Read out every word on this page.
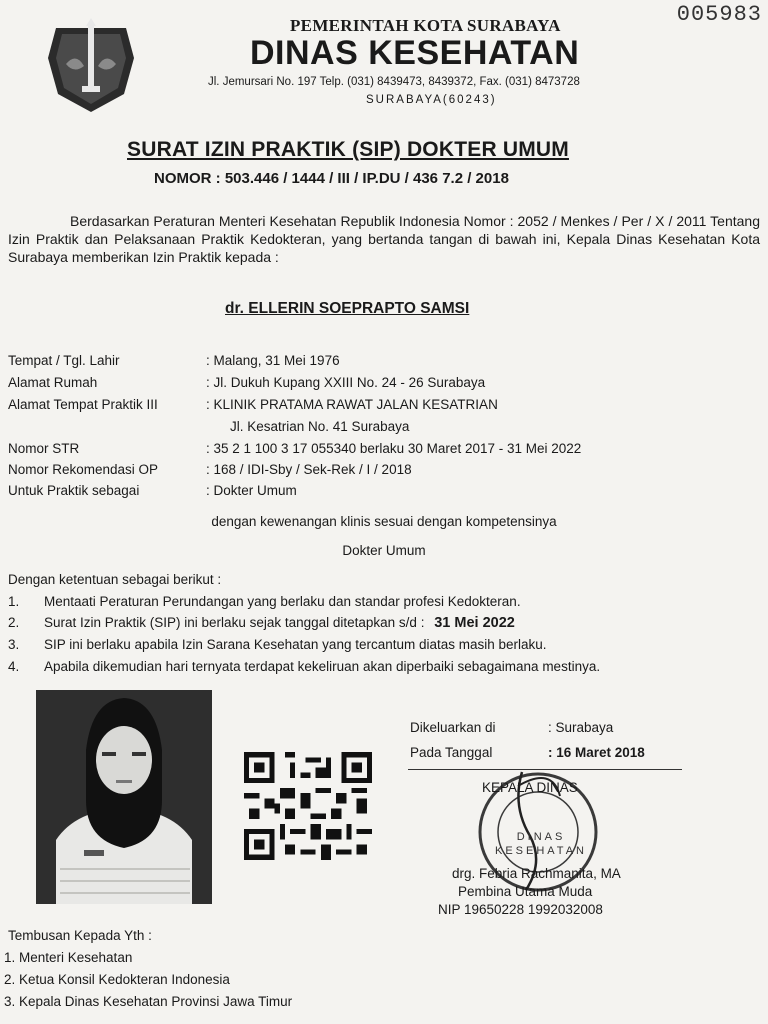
005983
PEMERINTAH KOTA SURABAYA
DINAS KESEHATAN
Jl. Jemursari No. 197 Telp. (031) 8439473, 8439372, Fax. (031) 8473728
SURABAYA(60243)
SURAT IZIN PRAKTIK (SIP) DOKTER UMUM
NOMOR : 503.446 / 1444 / III / IP.DU / 436 7.2 / 2018
Berdasarkan Peraturan Menteri Kesehatan Republik Indonesia Nomor : 2052 / Menkes / Per / X / 2011 Tentang Izin Praktik dan Pelaksanaan Praktik Kedokteran, yang bertanda tangan di bawah ini, Kepala Dinas Kesehatan Kota Surabaya memberikan Izin Praktik kepada :
dr. ELLERIN SOEPRAPTO SAMSI
Tempat / Tgl. Lahir	: Malang, 31 Mei 1976
Alamat Rumah	: Jl. Dukuh Kupang XXIII No. 24 - 26 Surabaya
Alamat Tempat Praktik III	: KLINIK PRATAMA RAWAT JALAN KESATRIAN
Jl. Kesatrian No. 41 Surabaya
Nomor STR	: 35 2 1 100 3 17 055340 berlaku 30 Maret 2017 - 31 Mei 2022
Nomor Rekomendasi OP	: 168 / IDI-Sby / Sek-Rek / I / 2018
Untuk Praktik sebagai	: Dokter Umum
dengan kewenangan klinis sesuai dengan kompetensinya
Dokter Umum
Dengan ketentuan sebagai berikut :
1. Mentaati Peraturan Perundangan yang berlaku dan standar profesi Kedokteran.
2. Surat Izin Praktik (SIP) ini berlaku sejak tanggal ditetapkan s/d : 31 Mei 2022
3. SIP ini berlaku apabila Izin Sarana Kesehatan yang tercantum diatas masih berlaku.
4. Apabila dikemudian hari ternyata terdapat kekeliruan akan diperbaiki sebagaimana mestinya.
Dikeluarkan di	: Surabaya
Pada Tanggal	: 16 Maret 2018
DINAS KESEHATAN
KEPALA DINAS
drg. Febria Rachmanita, MA
Pembina Utama Muda
NIP 19650228 1992032008
Tembusan Kepada Yth :
1. Menteri Kesehatan
2. Ketua Konsil Kedokteran Indonesia
3. Kepala Dinas Kesehatan Provinsi Jawa Timur
